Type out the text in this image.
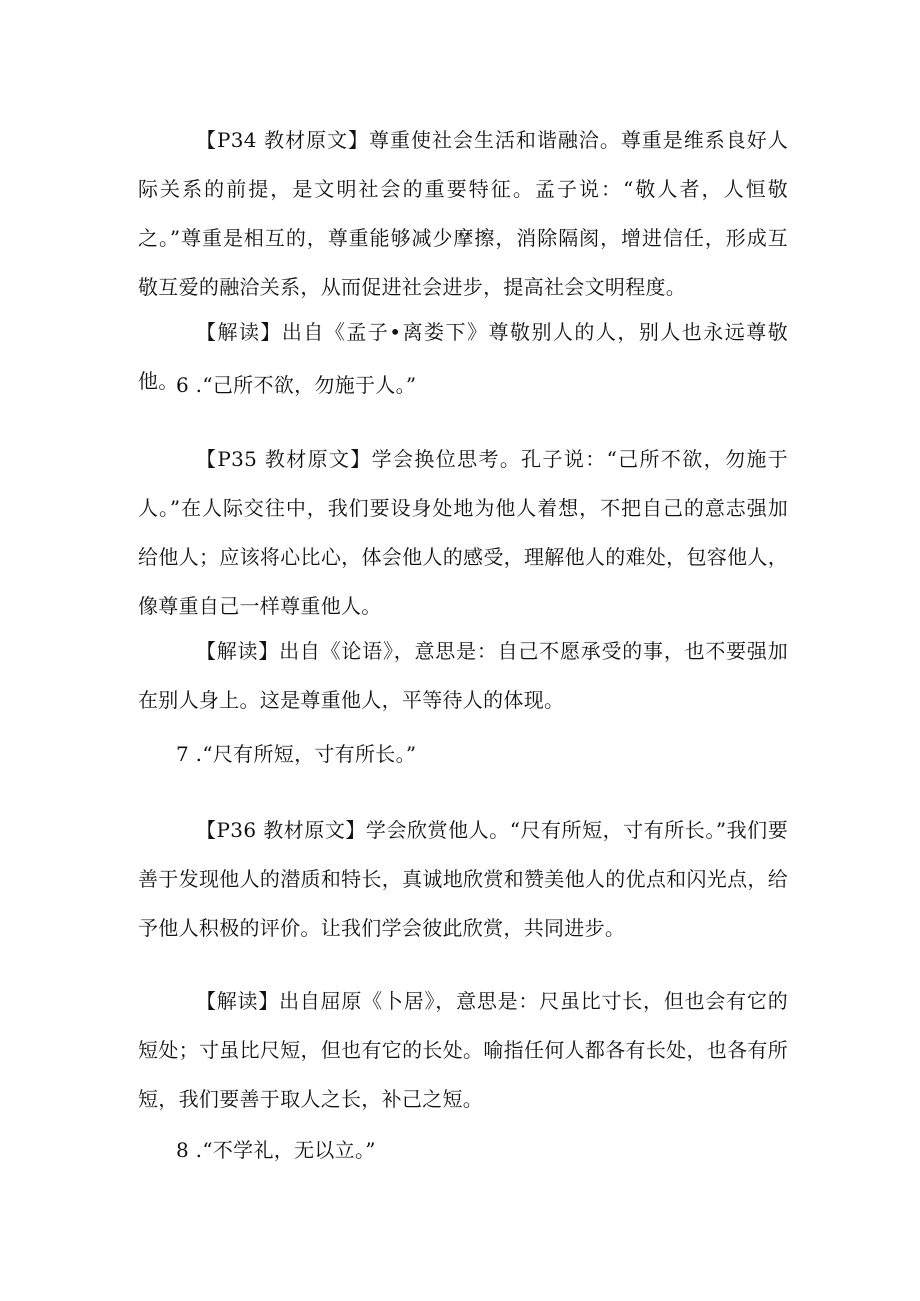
【P34 教材原文】尊重使社会生活和谐融洽。尊重是维系良好人际关系的前提，是文明社会的重要特征。孟子说：“敬人者，人恒敬之。”尊重是相互的，尊重能够减少摩擦，消除隔阂，增进信任，形成互敬互爱的融洽关系，从而促进社会进步，提高社会文明程度。

【解读】出自《孟子•离娄下》尊敬别人的人，别人也永远尊敬他。

6 .“己所不欲，勿施于人。”

【P35 教材原文】学会换位思考。孔子说：“己所不欲，勿施于人。”在人际交往中，我们要设身处地为他人着想，不把自己的意志强加给他人；应该将心比心，体会他人的感受，理解他人的难处，包容他人，像尊重自己一样尊重他人。

【解读】出自《论语》，意思是：自己不愿承受的事，也不要强加在别人身上。这是尊重他人，平等待人的体现。

7 .“尺有所短，寸有所长。”

【P36 教材原文】学会欣赏他人。“尺有所短，寸有所长。”我们要善于发现他人的潜质和特长，真诚地欣赏和赞美他人的优点和闪光点，给予他人积极的评价。让我们学会彼此欣赏，共同进步。

【解读】出自屈原《卜居》，意思是：尺虽比寸长，但也会有它的短处；寸虽比尺短，但也有它的长处。喻指任何人都各有长处，也各有所短，我们要善于取人之长，补己之短。

8 .“不学礼，无以立。”
